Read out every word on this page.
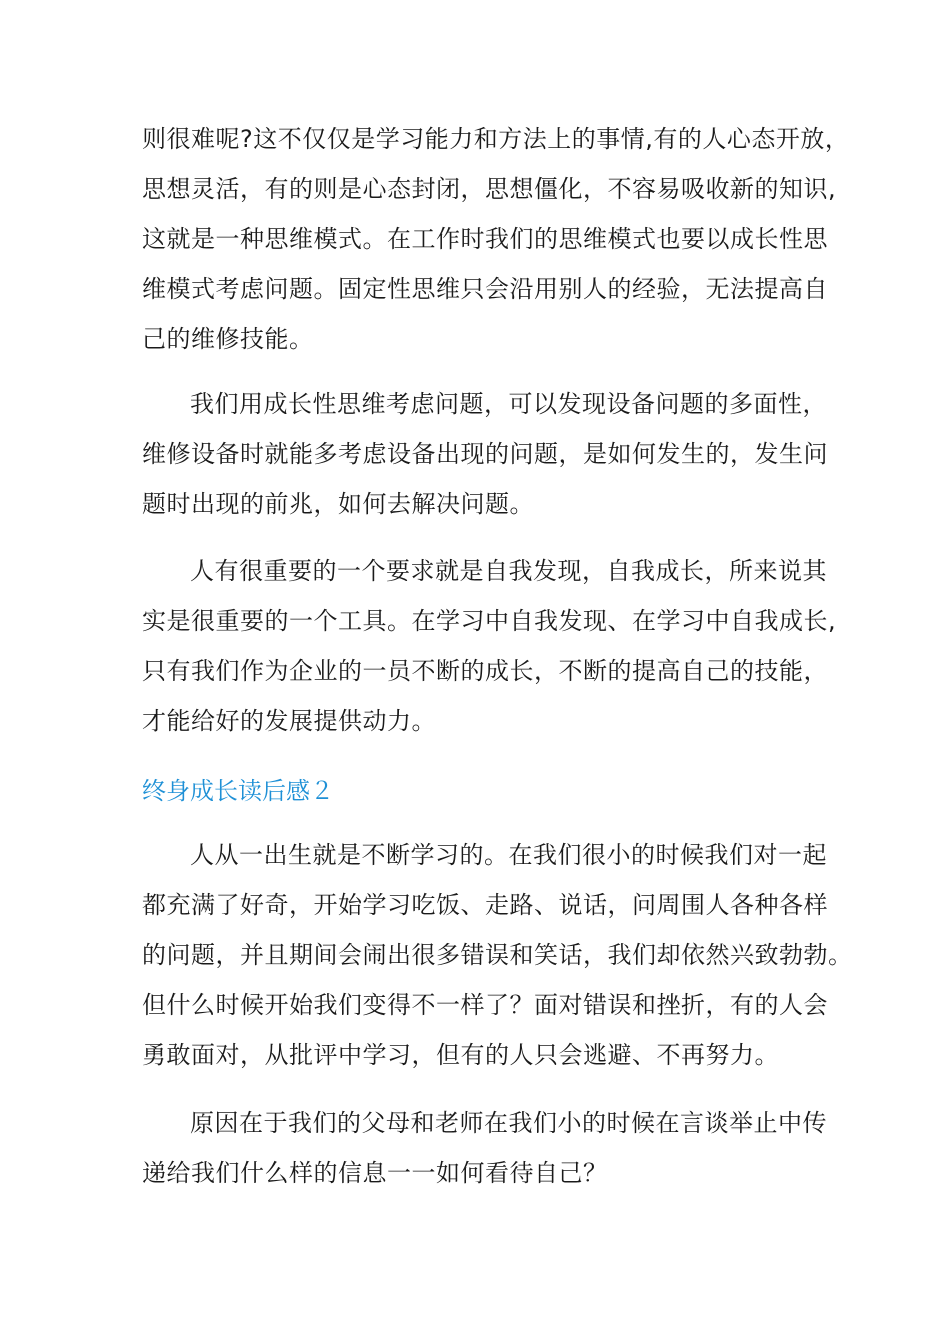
则很难呢?这不仅仅是学习能力和方法上的事情,有的人心态开放，
思想灵活，有的则是心态封闭，思想僵化，不容易吸收新的知识,
这就是一种思维模式。在工作时我们的思维模式也要以成长性思
维模式考虑问题。固定性思维只会沿用别人的经验，无法提高自
己的维修技能。
我们用成长性思维考虑问题，可以发现设备问题的多面性，
维修设备时就能多考虑设备出现的问题，是如何发生的，发生问
题时出现的前兆，如何去解决问题。
人有很重要的一个要求就是自我发现，自我成长，所来说其
实是很重要的一个工具。在学习中自我发现、在学习中自我成长,
只有我们作为企业的一员不断的成长，不断的提高自己的技能，
才能给好的发展提供动力。
终身成长读后感２
人从一出生就是不断学习的。在我们很小的时候我们对一起
都充满了好奇，开始学习吃饭、走路、说话，问周围人各种各样
的问题，并且期间会闹出很多错误和笑话，我们却依然兴致勃勃。
但什么时候开始我们变得不一样了？面对错误和挫折，有的人会
勇敢面对，从批评中学习，但有的人只会逃避、不再努力。
原因在于我们的父母和老师在我们小的时候在言谈举止中传
递给我们什么样的信息一一如何看待自己？
